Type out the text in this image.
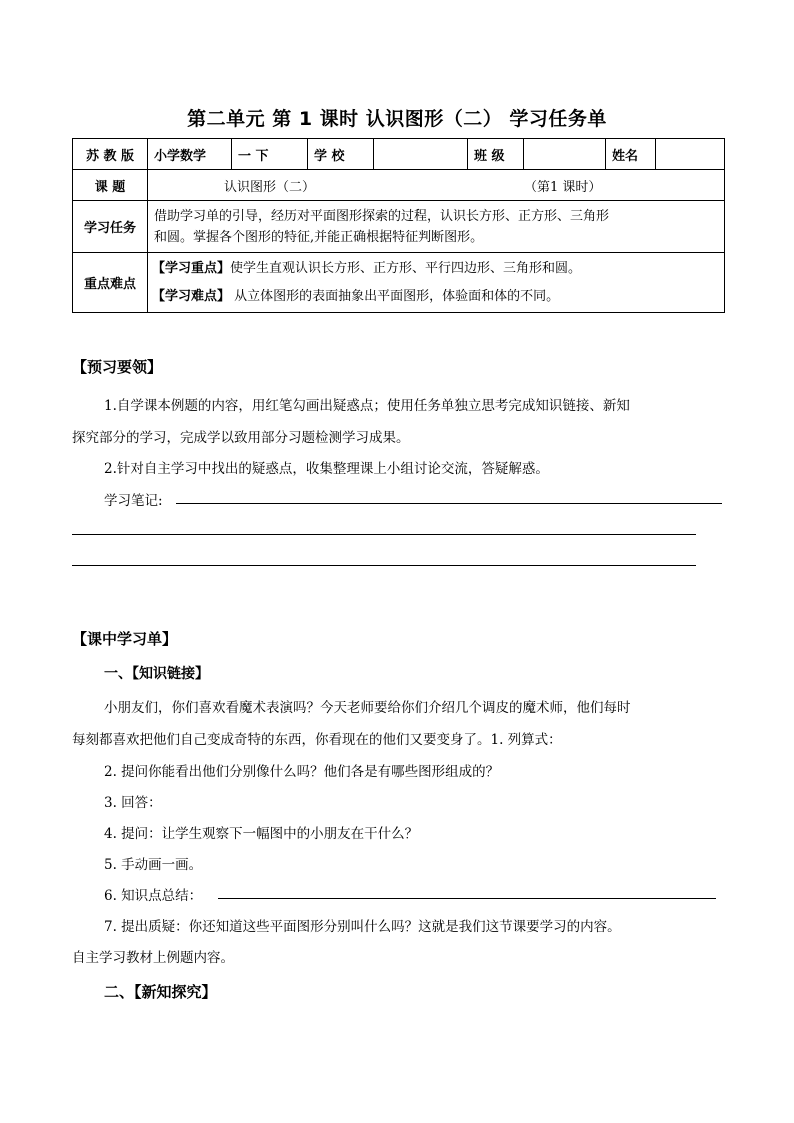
第二单元 第 1 课时 认识图形（二） 学习任务单
苏 教 版	小学数学	一 下	学 校		班 级		姓名	
课 题	认识图形（二） （第1 课时）							
学习任务	借助学习单的引导，经历对平面图形探索的过程，认识长方形、正方形、三角形
和圆。掌握各个图形的特征,并能正确根据特征判断图形。							

重点难点	【学习重点】使学生直观认识长方形、正方形、平行四边形、三角形和圆。
【学习难点】 从立体图形的表面抽象出平面图形，体验面和体的不同。							
【预习要领】
1.自学课本例题的内容，用红笔勾画出疑惑点；使用任务单独立思考完成知识链接、新知
探究部分的学习，完成学以致用部分习题检测学习成果。
2.针对自主学习中找出的疑惑点，收集整理课上小组讨论交流，答疑解惑。
学习笔记:
【课中学习单】
一、【知识链接】
小朋友们，你们喜欢看魔术表演吗？今天老师要给你们介绍几个调皮的魔术师，他们每时
每刻都喜欢把他们自己变成奇特的东西，你看现在的他们又要变身了。1. 列算式：
2. 提问你能看出他们分别像什么吗？他们各是有哪些图形组成的？
3. 回答：
4. 提问：让学生观察下一幅图中的小朋友在干什么？
5. 手动画一画。
6. 知识点总结：
7. 提出质疑：你还知道这些平面图形分别叫什么吗？这就是我们这节课要学习的内容。
自主学习教材上例题内容。
二、【新知探究】
